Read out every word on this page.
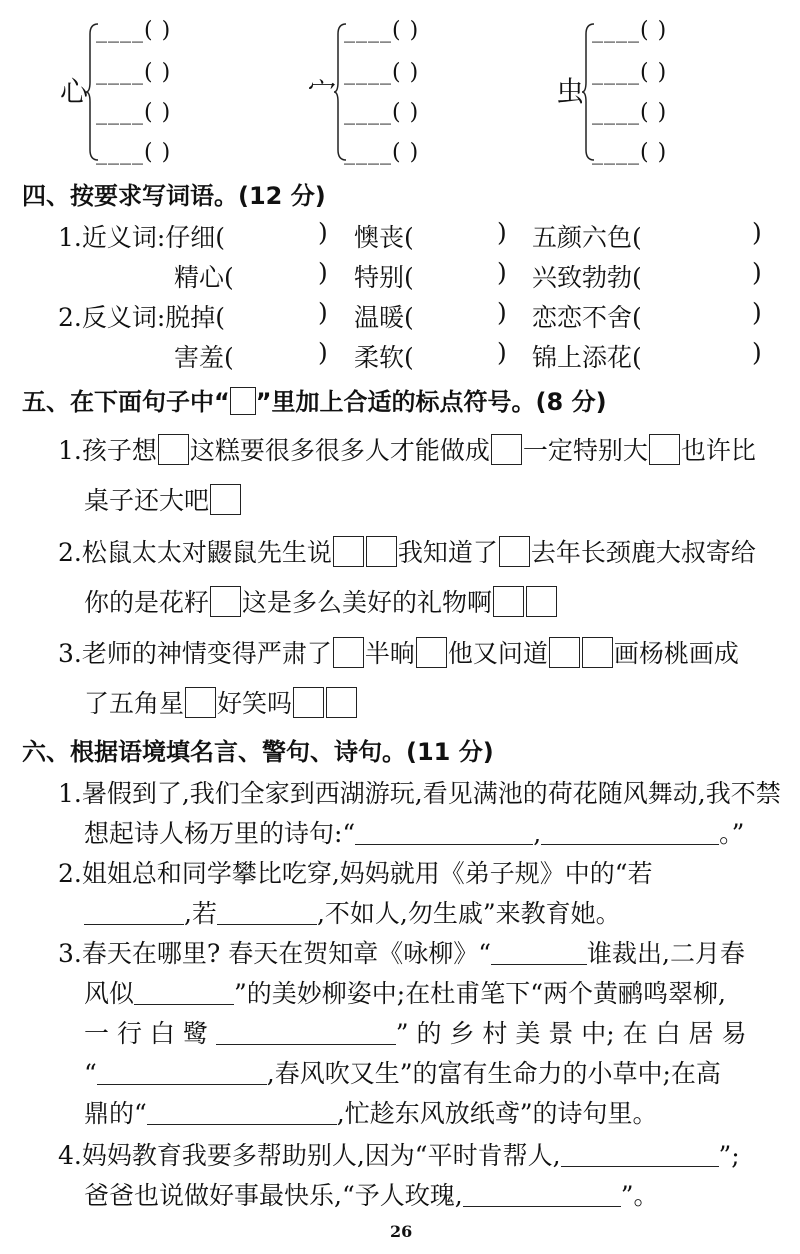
心
____( )
____( )
____( )
____( )
宀
____( )
____( )
____( )
____( )
虫
____( )
____( )
____( )
____( )
四、按要求写词语。(12 分)
1.近义词:仔细(	) 懊丧(	) 五颜六色(	)
精心(	) 特别(	) 兴致勃勃(	)
2.反义词:脱掉(	) 温暖(	) 恋恋不舍(	)
害羞(	) 柔软(	) 锦上添花(	)
五、在下面句子中“ ”里加上合适的标点符号。(8 分)
1.孩子想 这糕要很多很多人才能做成 一定特别大 也许比
桌子还大吧
2.松鼠太太对鼹鼠先生说	我知道了 去年长颈鹿大叔寄给
你的是花籽 这是多么美好的礼物啊
3.老师的神情变得严肃了 半晌 他又问道	画杨桃画成
了五角星 好笑吗
六、根据语境填名言、警句、诗句。(11 分)
1.暑假到了,我们全家到西湖游玩,看见满池的荷花随风舞动,我不禁
想起诗人杨万里的诗句:“	,	。”
2.姐姐总和同学攀比吃穿,妈妈就用《弟子规》中的“若
,若	,不如人,勿生戚”来教育她。
3.春天在哪里? 春天在贺知章《咏柳》“	谁裁出,二月春
风似	”的美妙柳姿中;在杜甫笔下“两个黄鹂鸣翠柳,
一 行 白 鹭	” 的 乡 村 美 景 中; 在 白 居 易
“	,春风吹又生”的富有生命力的小草中;在高
鼎的“	,忙趁东风放纸鸢”的诗句里。
4.妈妈教育我要多帮助别人,因为“平时肯帮人,	”;
爸爸也说做好事最快乐,“予人玫瑰,	”。
26
